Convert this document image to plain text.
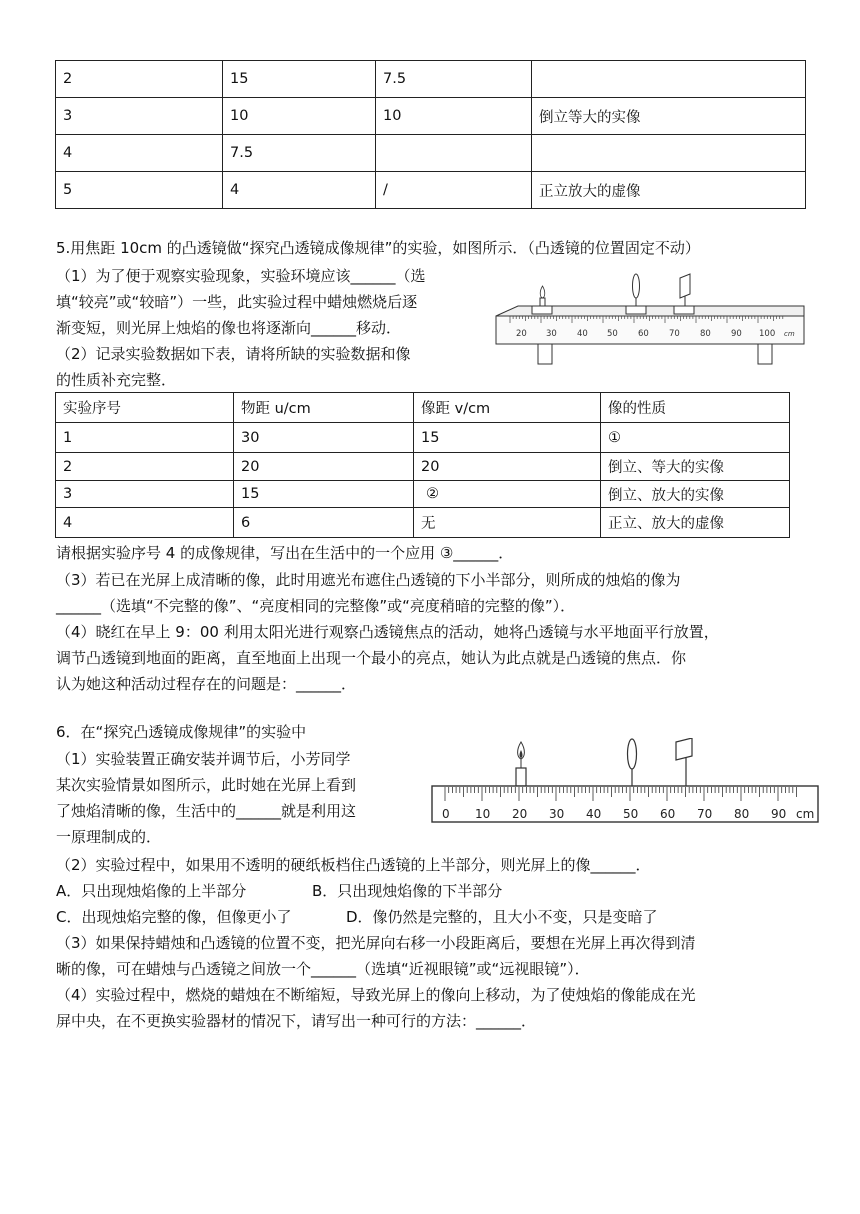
2	15	7.5	
3	10	10	倒立等大的实像
4	7.5		
5	4	/	正立放大的虚像
5.用焦距 10cm 的凸透镜做“探究凸透镜成像规律”的实验，如图所示．（凸透镜的位置固定不动）
（1）为了便于观察实验现象，实验环境应该______（选
填“较亮”或“较暗”）一些，此实验过程中蜡烛燃烧后逐
渐变短，则光屏上烛焰的像也将逐渐向______移动．
（2）记录实验数据如下表，请将所缺的实验数据和像
的性质补充完整．
20 30 40 50 60 70 80 90 100 cm
实验序号	物距 u/cm	像距 v/cm	像的性质
1	30	15	①
2	20	20	倒立、等大的实像
3	15	②	倒立、放大的实像
4	6	无	正立、放大的虚像
请根据实验序号 4 的成像规律，写出在生活中的一个应用 ③______．
（3）若已在光屏上成清晰的像，此时用遮光布遮住凸透镜的下小半部分，则所成的烛焰的像为
______（选填“不完整的像”、“亮度相同的完整像”或“亮度稍暗的完整的像”）．
（4）晓红在早上 9：00 利用太阳光进行观察凸透镜焦点的活动，她将凸透镜与水平地面平行放置，
调节凸透镜到地面的距离，直至地面上出现一个最小的亮点，她认为此点就是凸透镜的焦点．你
认为她这种活动过程存在的问题是：______．
6．在“探究凸透镜成像规律”的实验中
（1）实验装置正确安装并调节后，小芳同学
某次实验情景如图所示，此时她在光屏上看到
了烛焰清晰的像，生活中的______就是利用这
一原理制成的．
0 10 20 30 40 50 60 70 80 90 cm
（2）实验过程中，如果用不透明的硬纸板档住凸透镜的上半部分，则光屏上的像______．
A．只出现烛焰像的上半部分	B．只出现烛焰像的下半部分
C．出现烛焰完整的像，但像更小了	D．像仍然是完整的，且大小不变，只是变暗了
（3）如果保持蜡烛和凸透镜的位置不变，把光屏向右移一小段距离后，要想在光屏上再次得到清
晰的像，可在蜡烛与凸透镜之间放一个______（选填“近视眼镜”或“远视眼镜”）．
（4）实验过程中，燃烧的蜡烛在不断缩短，导致光屏上的像向上移动，为了使烛焰的像能成在光
屏中央，在不更换实验器材的情况下，请写出一种可行的方法：______．
